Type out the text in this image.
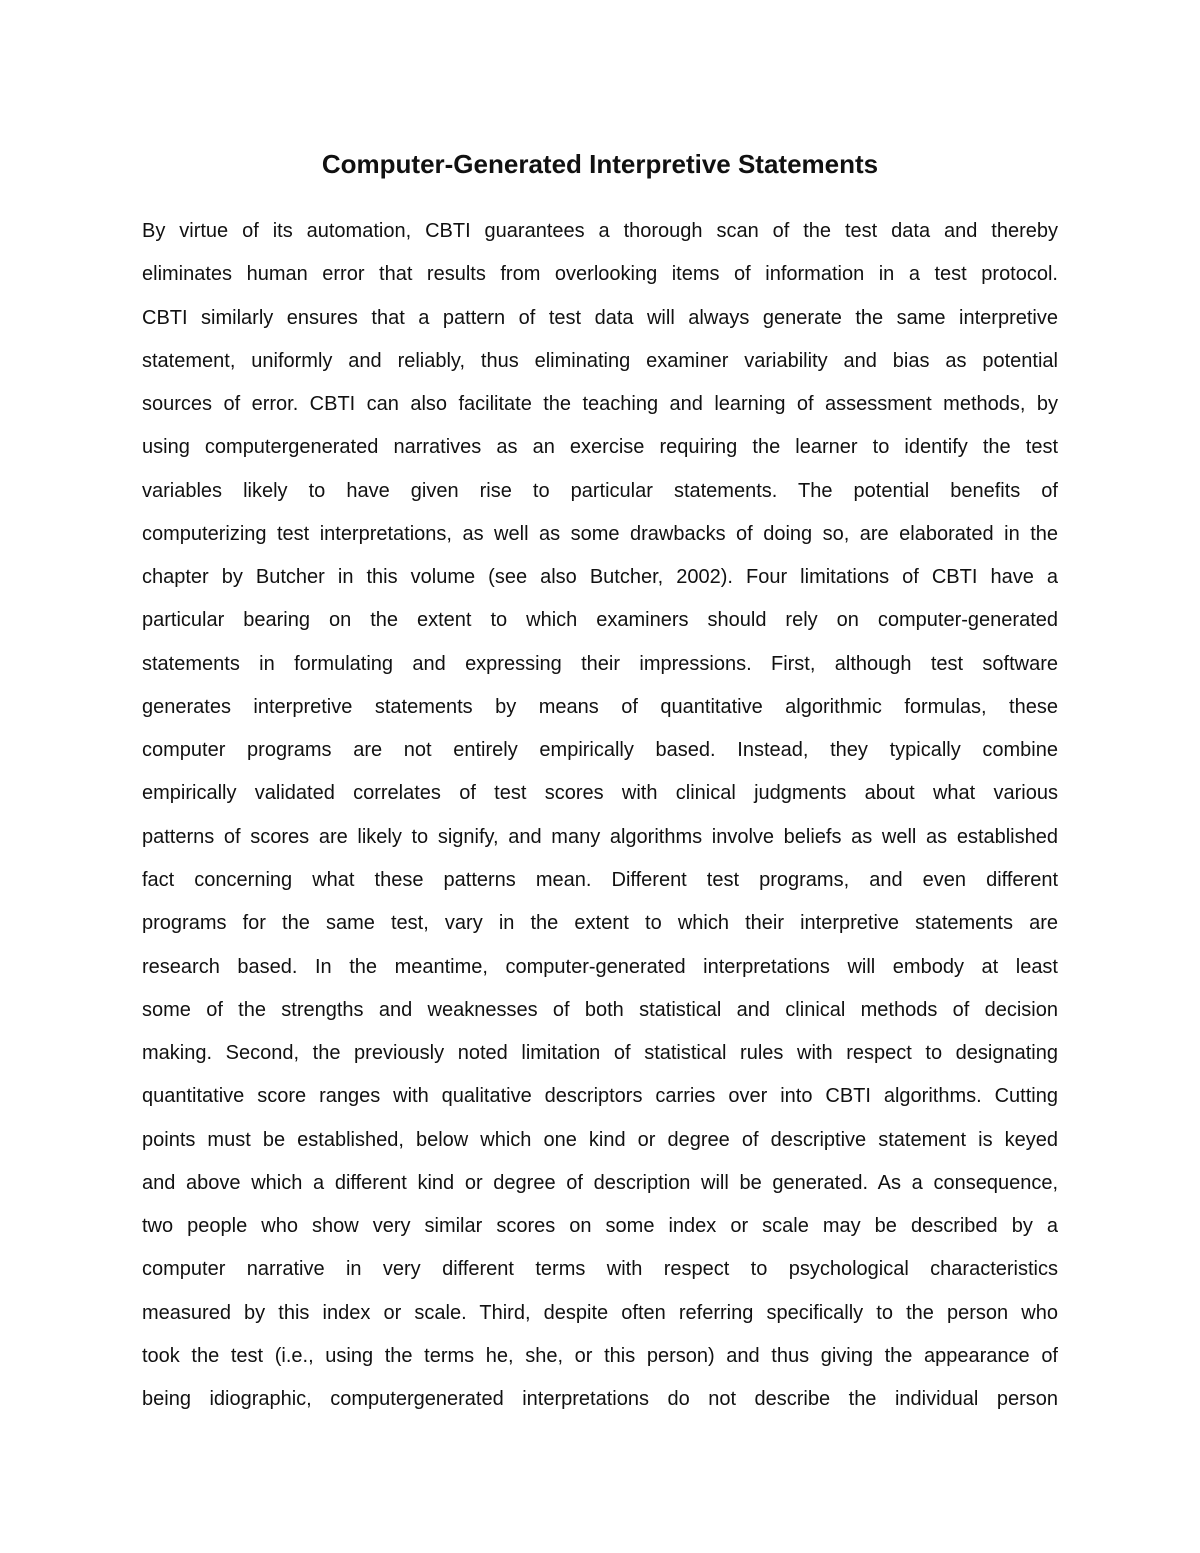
Computer-Generated Interpretive Statements
By virtue of its automation, CBTI guarantees a thorough scan of the test data and thereby
eliminates human error that results from overlooking items of information in a test protocol.
CBTI similarly ensures that a pattern of test data will always generate the same interpretive
statement, uniformly and reliably, thus eliminating examiner variability and bias as potential
sources of error. CBTI can also facilitate the teaching and learning of assessment methods, by
using computergenerated narratives as an exercise requiring the learner to identify the test
variables likely to have given rise to particular statements. The potential benefits of
computerizing test interpretations, as well as some drawbacks of doing so, are elaborated in the
chapter by Butcher in this volume (see also Butcher, 2002). Four limitations of CBTI have a
particular bearing on the extent to which examiners should rely on computer-generated
statements in formulating and expressing their impressions. First, although test software
generates interpretive statements by means of quantitative algorithmic formulas, these
computer programs are not entirely empirically based. Instead, they typically combine
empirically validated correlates of test scores with clinical judgments about what various
patterns of scores are likely to signify, and many algorithms involve beliefs as well as established
fact concerning what these patterns mean. Different test programs, and even different
programs for the same test, vary in the extent to which their interpretive statements are
research based. In the meantime, computer-generated interpretations will embody at least
some of the strengths and weaknesses of both statistical and clinical methods of decision
making. Second, the previously noted limitation of statistical rules with respect to designating
quantitative score ranges with qualitative descriptors carries over into CBTI algorithms. Cutting
points must be established, below which one kind or degree of descriptive statement is keyed
and above which a different kind or degree of description will be generated. As a consequence,
two people who show very similar scores on some index or scale may be described by a
computer narrative in very different terms with respect to psychological characteristics
measured by this index or scale. Third, despite often referring specifically to the person who
took the test (i.e., using the terms he, she, or this person) and thus giving the appearance of
being idiographic, computergenerated interpretations do not describe the individual person
